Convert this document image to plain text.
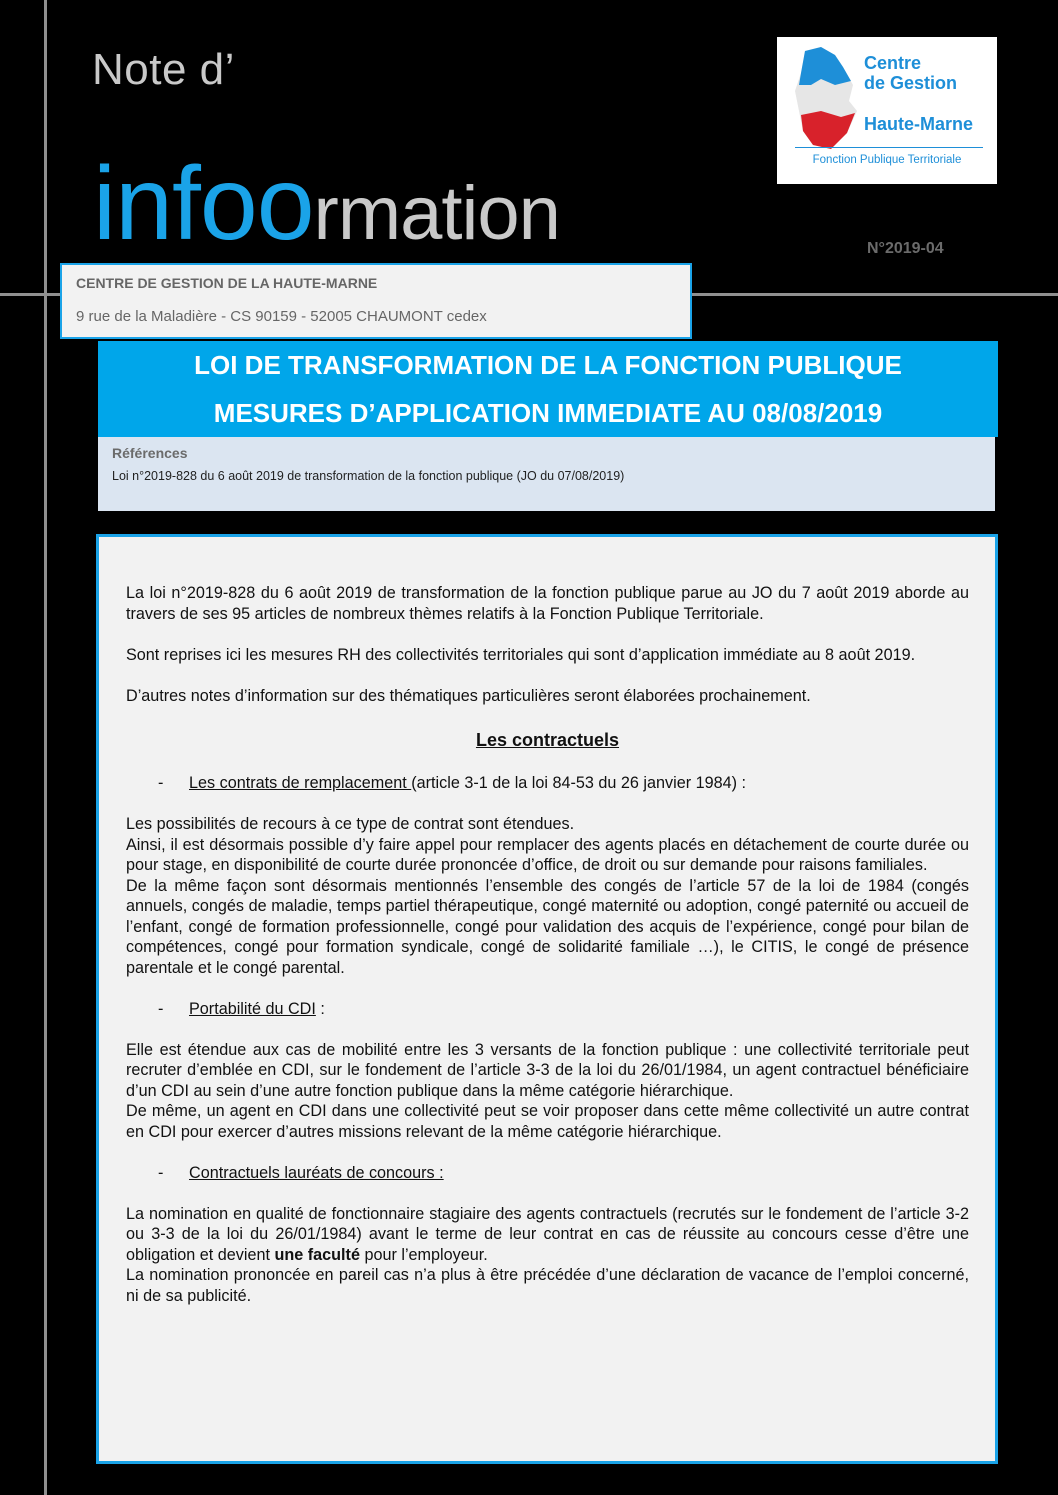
Note d’
infoormation
Centre
de Gestion
Haute-Marne
Fonction Publique Territoriale
N°2019-04
CENTRE DE GESTION DE LA HAUTE-MARNE
9 rue de la Maladière - CS 90159 - 52005 CHAUMONT cedex
LOI DE TRANSFORMATION DE LA FONCTION PUBLIQUE
MESURES D’APPLICATION IMMEDIATE AU 08/08/2019
Références
Loi n°2019-828 du 6 août 2019 de transformation de la fonction publique (JO du 07/08/2019)

La loi n°2019-828 du 6 août 2019 de transformation de la fonction publique parue au JO du 7 août 2019 aborde au travers de ses 95 articles de nombreux thèmes relatifs à la Fonction Publique Territoriale.

Sont reprises ici les mesures RH des collectivités territoriales qui sont d’application immédiate au 8 août 2019.

D’autres notes d’information sur des thématiques particulières seront élaborées prochainement.

Les contractuels

- Les contrats de remplacement (article 3-1 de la loi 84-53 du 26 janvier 1984) :

Les possibilités de recours à ce type de contrat sont étendues.

Ainsi, il est désormais possible d’y faire appel pour remplacer des agents placés en détachement de courte durée ou pour stage, en disponibilité de courte durée prononcée d’office, de droit ou sur demande pour raisons familiales.

De la même façon sont désormais mentionnés l’ensemble des congés de l’article 57 de la loi de 1984 (congés annuels, congés de maladie, temps partiel thérapeutique, congé maternité ou adoption, congé paternité ou accueil de l’enfant, congé de formation professionnelle, congé pour validation des acquis de l’expérience, congé pour bilan de compétences, congé pour formation syndicale, congé de solidarité familiale …), le CITIS, le congé de présence parentale et le congé parental.

- Portabilité du CDI :

Elle est étendue aux cas de mobilité entre les 3 versants de la fonction publique : une collectivité territoriale peut recruter d’emblée en CDI, sur le fondement de l’article 3-3 de la loi du 26/01/1984, un agent contractuel bénéficiaire d’un CDI au sein d’une autre fonction publique dans la même catégorie hiérarchique.

De même, un agent en CDI dans une collectivité peut se voir proposer dans cette même collectivité un autre contrat en CDI pour exercer d’autres missions relevant de la même catégorie hiérarchique.

- Contractuels lauréats de concours :

La nomination en qualité de fonctionnaire stagiaire des agents contractuels (recrutés sur le fondement de l’article 3-2 ou 3-3 de la loi du 26/01/1984) avant le terme de leur contrat en cas de réussite au concours cesse d’être une obligation et devient une faculté pour l’employeur.

La nomination prononcée en pareil cas n’a plus à être précédée d’une déclaration de vacance de l’emploi concerné, ni de sa publicité.
